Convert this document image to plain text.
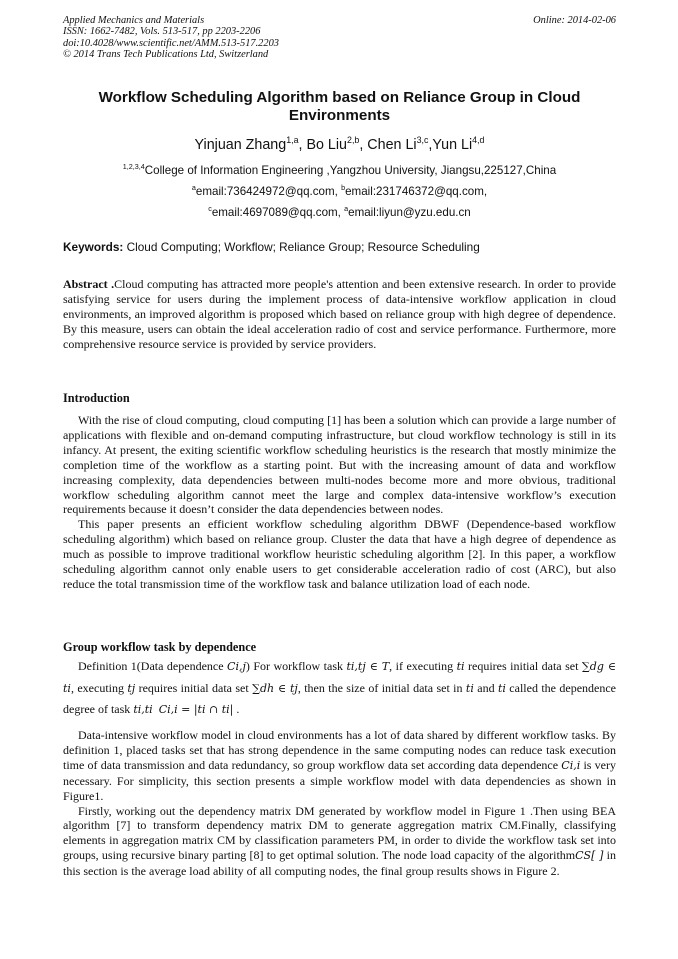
Applied Mechanics and Materials
ISSN: 1662-7482, Vols. 513-517, pp 2203-2206
doi:10.4028/www.scientific.net/AMM.513-517.2203
© 2014 Trans Tech Publications Ltd, Switzerland
Online: 2014-02-06
Workflow Scheduling Algorithm based on Reliance Group in Cloud
Environments
Yinjuan Zhang$^{1,a}$, Bo Liu$^{2,b}$, Chen Li$^{3,c}$,Yun Li$^{4,d}$
$^{1,2,3,4}$College of Information Engineering ,Yangzhou University, Jiangsu,225127,China
$^a$email:736424972@qq.com, $^b$email:231746372@qq.com,
$^c$email:4697089@qq.com, $^a$email:liyun@yzu.edu.cn
Keywords: Cloud Computing; Workflow; Reliance Group; Resource Scheduling

Abstract .Cloud computing has attracted more people's attention and been extensive research. In order to provide satisfying service for users during the implement process of data-intensive workflow application in cloud environments, an improved algorithm is proposed which based on reliance group with high degree of dependence. By this measure, users can obtain the ideal acceleration radio of cost and service performance. Furthermore, more comprehensive resource service is provided by service providers.

Introduction

With the rise of cloud computing, cloud computing [1] has been a solution which can provide a large number of applications with flexible and on-demand computing infrastructure, but cloud workflow technology is still in its infancy. At present, the exiting scientific workflow scheduling heuristics is the research that mostly minimize the completion time of the workflow as a starting point. But with the increasing amount of data and workflow increasing complexity, data dependencies between multi-nodes become more and more obvious, traditional workflow scheduling algorithm cannot meet the large and complex data-intensive workflow’s execution requirements because it doesn’t consider the data dependencies between nodes.

This paper presents an efficient workflow scheduling algorithm DBWF (Dependence-based workflow scheduling algorithm) which based on reliance group. Cluster the data that have a high degree of dependence as much as possible to improve traditional workflow heuristic scheduling algorithm [2]. In this paper, a workflow scheduling algorithm cannot only enable users to get considerable acceleration radio of cost (ARC), but also reduce the total transmission time of the workflow task and balance utilization load of each node.

Group workflow task by dependence

Definition 1(Data dependence Ci,j) For workflow task ti,tj ∈ T, if executing ti requires initial data set ∑dg ∈ ti, executing tj requires initial data set ∑dh ∈ tj, then the size of initial data set in ti and ti called the dependence degree of task ti,ti Ci,i = |ti ∩ ti| .

Data-intensive workflow model in cloud environments has a lot of data shared by different workflow tasks. By definition 1, placed tasks set that has strong dependence in the same computing nodes can reduce task execution time of data transmission and data redundancy, so group workflow data set according data dependence Ci,i is very necessary. For simplicity, this section presents a simple workflow model with data dependencies as shown in Figure1.

Firstly, working out the dependency matrix DM generated by workflow model in Figure 1 .Then using BEA algorithm [7] to transform dependency matrix DM to generate aggregation matrix CM.Finally, classifying elements in aggregation matrix CM by classification parameters PM, in order to divide the workflow task set into groups, using recursive binary parting [8] to get optimal solution. The node load capacity of the algorithmCS[ ] in this section is the average load ability of all computing nodes, the final group results shows in Figure 2.
